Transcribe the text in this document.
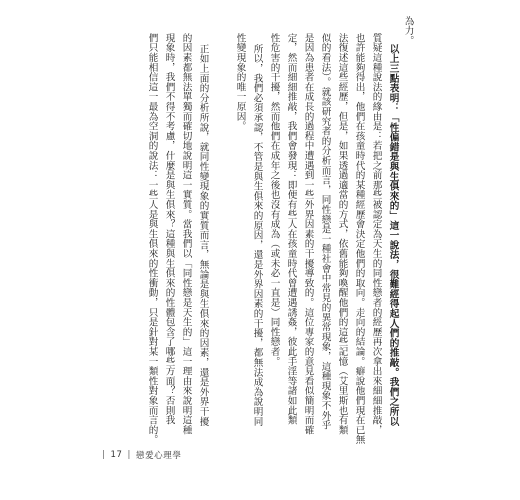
為力。
以上三點表明：「性偏錯是與生俱來的」這一說法，很難經得起人們的推敲。我們之所以
質疑這種說法的緣由是：若把之前那些被認定為天生的同性戀者的經歷再次拿出來細細推敲，
也許能夠得出，他們在孩童時代的某種經歷會決定他們的取向。走向的結論。癖說他們現在已無
法復述這些經歷，但是，如果透過適當的方式，依舊能夠喚醒他們的這些記憶（艾里斯也有類
似的看法）。就該研究者的分析而言，同性戀是一種社會中常見的異常現象，這種現象不外乎
是因為患者在成長的過程中遭遇到一些外界因素的干擾導致的。這位專家的意見看似簡明而確
定，然而細細推敲，我們會發現：即便有些人在孩童時代曾遭遇誘姦，彼此手淫等諸如此類
性危害的干擾，然而他們在成年之後也沒有成為（或未必一直是）同性戀者。
所以，我們必須承認，不管是與生俱來的原因，還是外界因素的干擾，都無法成為說明同
性變現象的唯一原因。
正如上面的分析所說，就同性變現象的實質而言，無論是與生俱來的因素，還是外界干擾
的因素都無法單獨而確切地說明這一實質。當我們以「同性戀是天生的」這一理由來說明這種
現象時，我們不得不考慮，什麼是與生俱來？這種與生俱來的性體包含了哪些方面？否則我
們只能相信這一最為空洞的說法：一些人是與生俱來的性衝動，只是針對某一類性對象而言的。
| 17 | 戀愛心理學
